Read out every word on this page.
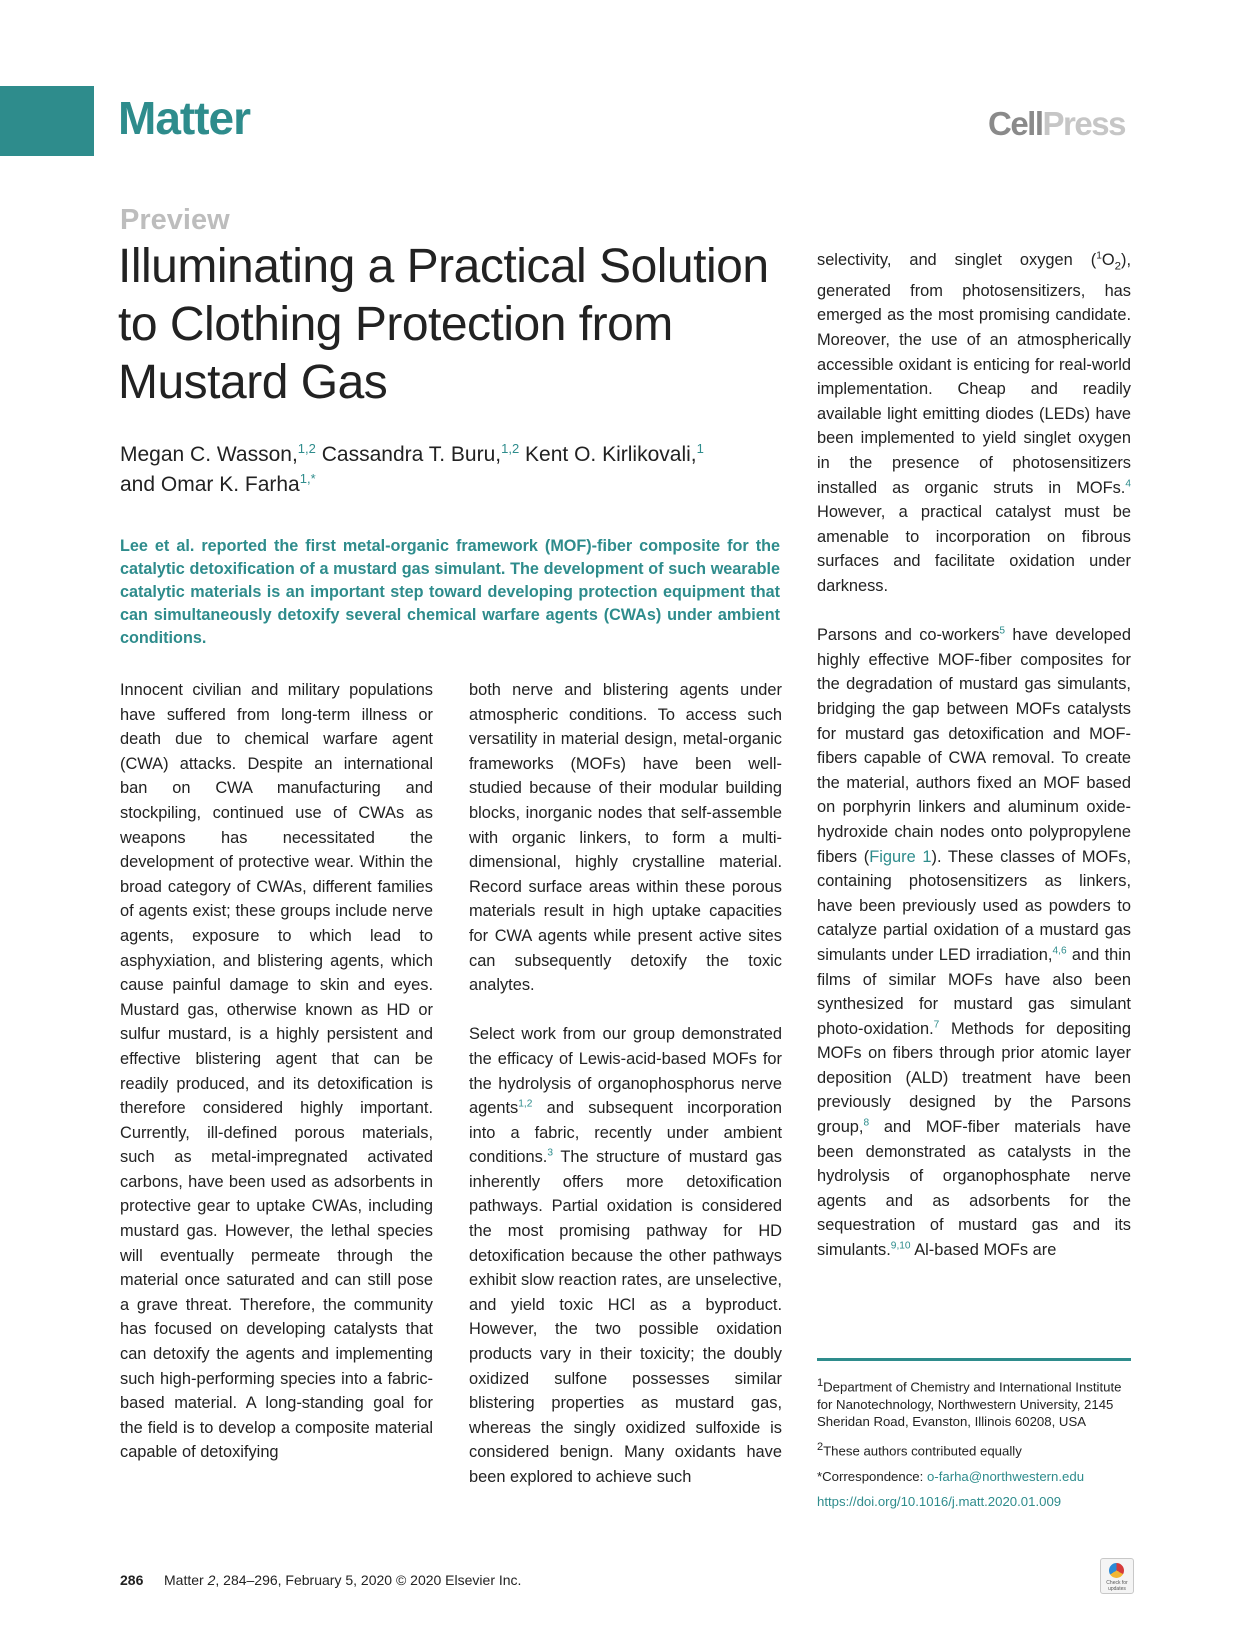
Matter	CellPress
Preview
Illuminating a Practical Solution to Clothing Protection from Mustard Gas
Megan C. Wasson,$^{1,2}$ Cassandra T. Buru,$^{1,2}$ Kent O. Kirlikovali,$^1$
and Omar K. Farha$^{1,*}$
Lee et al. reported the first metal-organic framework (MOF)-fiber composite for the catalytic detoxification of a mustard gas simulant. The development of such wearable catalytic materials is an important step toward developing protection equipment that can simultaneously detoxify several chemical warfare agents (CWAs) under ambient conditions.

Innocent civilian and military populations have suffered from long-term illness or death due to chemical warfare agent (CWA) attacks. Despite an international ban on CWA manufacturing and stockpiling, continued use of CWAs as weapons has necessitated the development of protective wear. Within the broad category of CWAs, different families of agents exist; these groups include nerve agents, exposure to which lead to asphyxiation, and blistering agents, which cause painful damage to skin and eyes. Mustard gas, otherwise known as HD or sulfur mustard, is a highly persistent and effective blistering agent that can be readily produced, and its detoxification is therefore considered highly important. Currently, ill-defined porous materials, such as metal-impregnated activated carbons, have been used as adsorbents in protective gear to uptake CWAs, including mustard gas. However, the lethal species will eventually permeate through the material once saturated and can still pose a grave threat. Therefore, the community has focused on developing catalysts that can detoxify the agents and implementing such high-performing species into a fabric-based material. A long-standing goal for the field is to develop a composite material capable of detoxifying

both nerve and blistering agents under atmospheric conditions. To access such versatility in material design, metal-organic frameworks (MOFs) have been well-studied because of their modular building blocks, inorganic nodes that self-assemble with organic linkers, to form a multi-dimensional, highly crystalline material. Record surface areas within these porous materials result in high uptake capacities for CWA agents while present active sites can subsequently detoxify the toxic analytes.

Select work from our group demonstrated the efficacy of Lewis-acid-based MOFs for the hydrolysis of organophosphorus nerve agents$^{1,2}$ and subsequent incorporation into a fabric, recently under ambient conditions.$^3$ The structure of mustard gas inherently offers more detoxification pathways. Partial oxidation is considered the most promising pathway for HD detoxification because the other pathways exhibit slow reaction rates, are unselective, and yield toxic HCl as a byproduct. However, the two possible oxidation products vary in their toxicity; the doubly oxidized sulfone possesses similar blistering properties as mustard gas, whereas the singly oxidized sulfoxide is considered benign. Many oxidants have been explored to achieve such

selectivity, and singlet oxygen $(^1O_2)$, generated from photosensitizers, has emerged as the most promising candidate. Moreover, the use of an atmospherically accessible oxidant is enticing for real-world implementation. Cheap and readily available light emitting diodes (LEDs) have been implemented to yield singlet oxygen in the presence of photosensitizers installed as organic struts in MOFs.$^4$ However, a practical catalyst must be amenable to incorporation on fibrous surfaces and facilitate oxidation under darkness.

Parsons and co-workers$^5$ have developed highly effective MOF-fiber composites for the degradation of mustard gas simulants, bridging the gap between MOFs catalysts for mustard gas detoxification and MOF-fibers capable of CWA removal. To create the material, authors fixed an MOF based on porphyrin linkers and aluminum oxide-hydroxide chain nodes onto polypropylene fibers (Figure 1). These classes of MOFs, containing photosensitizers as linkers, have been previously used as powders to catalyze partial oxidation of a mustard gas simulants under LED irradiation,$^{4,6}$ and thin films of similar MOFs have also been synthesized for mustard gas simulant photo-oxidation.$^7$ Methods for depositing MOFs on fibers through prior atomic layer deposition (ALD) treatment have been previously designed by the Parsons group,$^8$ and MOF-fiber materials have been demonstrated as catalysts in the hydrolysis of organophosphate nerve agents and as adsorbents for the sequestration of mustard gas and its simulants.$^{9,10}$ Al-based MOFs are

$^1$Department of Chemistry and International Institute for Nanotechnology, Northwestern University, 2145 Sheridan Road, Evanston, Illinois 60208, USA
$^2$These authors contributed equally
*Correspondence: o-farha@northwestern.edu
https://doi.org/10.1016/j.matt.2020.01.009
286 Matter 2, 284–296, February 5, 2020 © 2020 Elsevier Inc.	Check for updates
